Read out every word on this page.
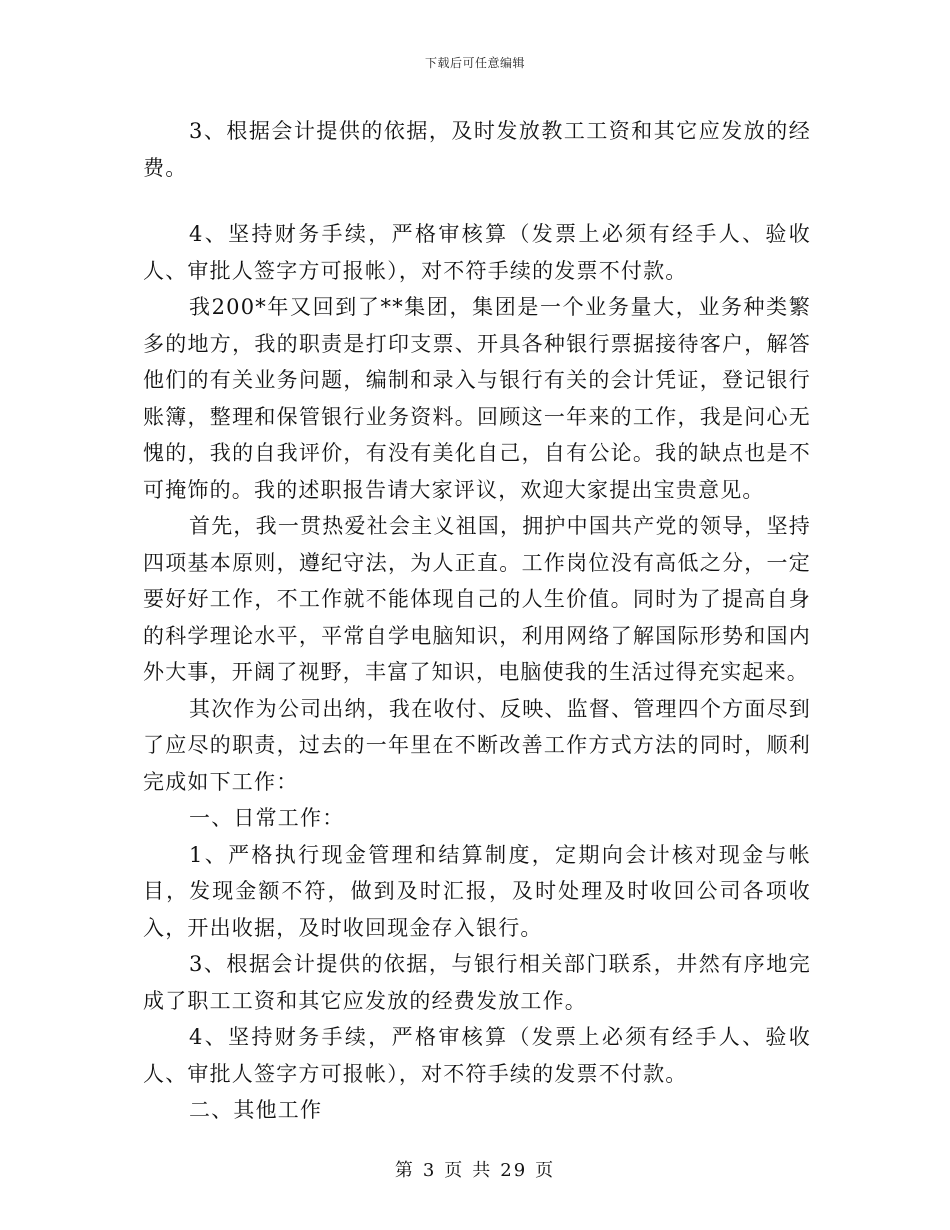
下载后可任意编辑

3、根据会计提供的依据，及时发放教工工资和其它应发放的经费。

4、坚持财务手续，严格审核算（发票上必须有经手人、验收人、审批人签字方可报帐），对不符手续的发票不付款。

我200*年又回到了**集团，集团是一个业务量大，业务种类繁多的地方，我的职责是打印支票、开具各种银行票据接待客户，解答他们的有关业务问题，编制和录入与银行有关的会计凭证，登记银行账簿，整理和保管银行业务资料。回顾这一年来的工作，我是问心无愧的，我的自我评价，有没有美化自己，自有公论。我的缺点也是不可掩饰的。我的述职报告请大家评议，欢迎大家提出宝贵意见。

首先，我一贯热爱社会主义祖国，拥护中国共产党的领导，坚持四项基本原则，遵纪守法，为人正直。工作岗位没有高低之分，一定要好好工作，不工作就不能体现自己的人生价值。同时为了提高自身的科学理论水平，平常自学电脑知识，利用网络了解国际形势和国内外大事，开阔了视野，丰富了知识，电脑使我的生活过得充实起来。

其次作为公司出纳，我在收付、反映、监督、管理四个方面尽到了应尽的职责，过去的一年里在不断改善工作方式方法的同时，顺利完成如下工作：

一、日常工作：

1、严格执行现金管理和结算制度，定期向会计核对现金与帐目，发现金额不符，做到及时汇报，及时处理及时收回公司各项收入，开出收据，及时收回现金存入银行。

3、根据会计提供的依据，与银行相关部门联系，井然有序地完成了职工工资和其它应发放的经费发放工作。

4、坚持财务手续，严格审核算（发票上必须有经手人、验收人、审批人签字方可报帐），对不符手续的发票不付款。

二、其他工作

第 3 页 共 29 页
